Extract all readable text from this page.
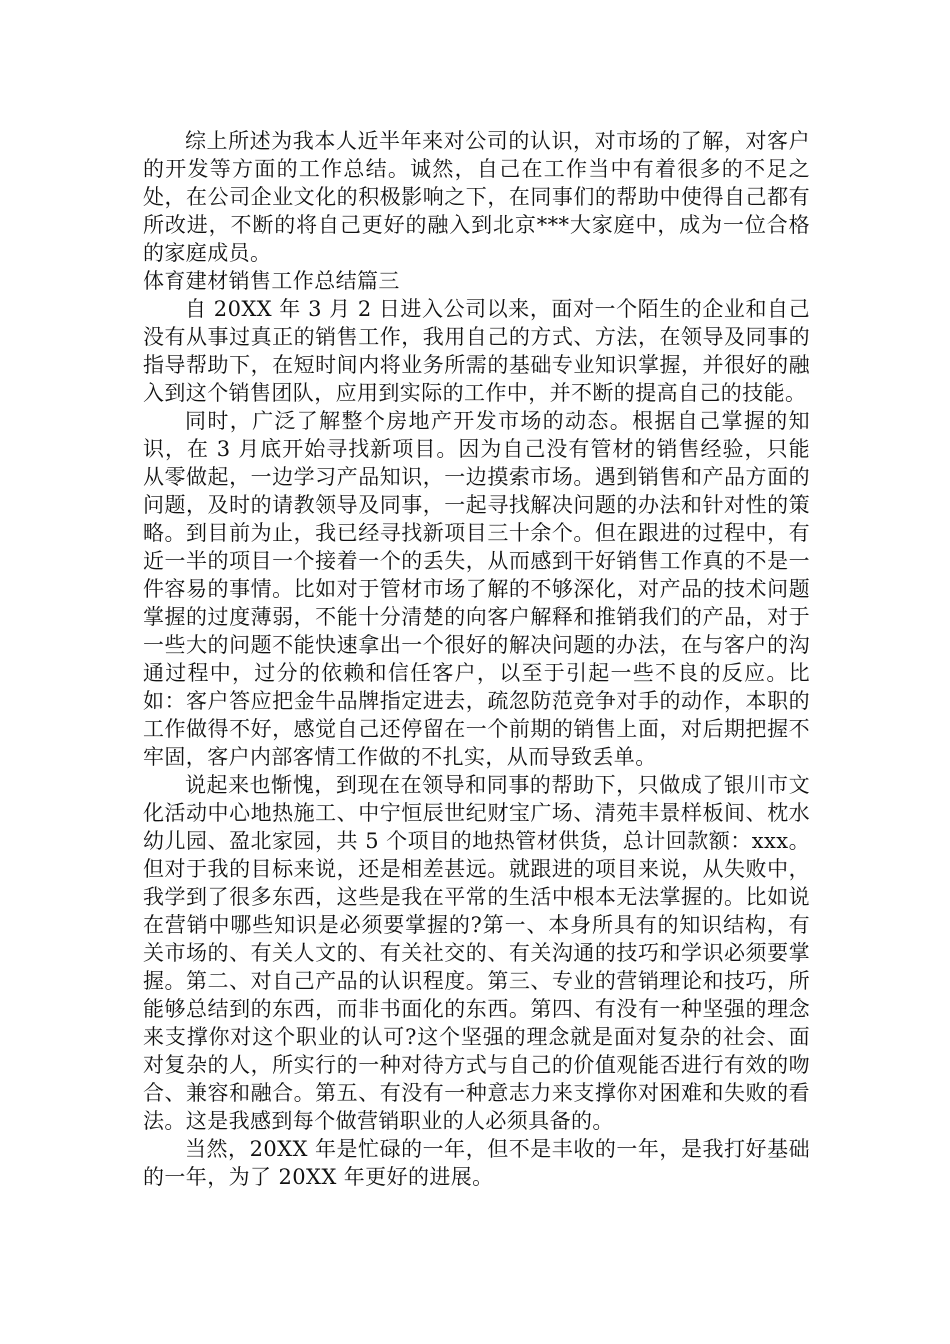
综上所述为我本人近半年来对公司的认识，对市场的了解，对客户的开发等方面的工作总结。诚然，自己在工作当中有着很多的不足之处，在公司企业文化的积极影响之下，在同事们的帮助中使得自己都有所改进，不断的将自己更好的融入到北京***大家庭中，成为一位合格的家庭成员。

体育建材销售工作总结篇三

自 20XX 年 3 月 2 日进入公司以来，面对一个陌生的企业和自己没有从事过真正的销售工作，我用自己的方式、方法，在领导及同事的指导帮助下，在短时间内将业务所需的基础专业知识掌握，并很好的融入到这个销售团队，应用到实际的工作中，并不断的提高自己的技能。

同时，广泛了解整个房地产开发市场的动态。根据自己掌握的知识，在 3 月底开始寻找新项目。因为自己没有管材的销售经验，只能从零做起，一边学习产品知识，一边摸索市场。遇到销售和产品方面的问题，及时的请教领导及同事，一起寻找解决问题的办法和针对性的策略。到目前为止，我已经寻找新项目三十余个。但在跟进的过程中，有近一半的项目一个接着一个的丢失，从而感到干好销售工作真的不是一件容易的事情。比如对于管材市场了解的不够深化，对产品的技术问题掌握的过度薄弱，不能十分清楚的向客户解释和推销我们的产品，对于一些大的问题不能快速拿出一个很好的解决问题的办法，在与客户的沟通过程中，过分的依赖和信任客户，以至于引起一些不良的反应。比如：客户答应把金牛品牌指定进去，疏忽防范竞争对手的动作，本职的工作做得不好，感觉自己还停留在一个前期的销售上面，对后期把握不牢固，客户内部客情工作做的不扎实，从而导致丢单。

说起来也惭愧，到现在在领导和同事的帮助下，只做成了银川市文化活动中心地热施工、中宁恒辰世纪财宝广场、清苑丰景样板间、枕水幼儿园、盈北家园，共 5 个项目的地热管材供货，总计回款额：xxx。但对于我的目标来说，还是相差甚远。就跟进的项目来说，从失败中，我学到了很多东西，这些是我在平常的生活中根本无法掌握的。比如说在营销中哪些知识是必须要掌握的?第一、本身所具有的知识结构，有关市场的、有关人文的、有关社交的、有关沟通的技巧和学识必须要掌握。第二、对自己产品的认识程度。第三、专业的营销理论和技巧，所能够总结到的东西，而非书面化的东西。第四、有没有一种坚强的理念来支撑你对这个职业的认可?这个坚强的理念就是面对复杂的社会、面对复杂的人，所实行的一种对待方式与自己的价值观能否进行有效的吻合、兼容和融合。第五、有没有一种意志力来支撑你对困难和失败的看法。这是我感到每个做营销职业的人必须具备的。

当然，20XX 年是忙碌的一年，但不是丰收的一年，是我打好基础的一年，为了 20XX 年更好的进展。
